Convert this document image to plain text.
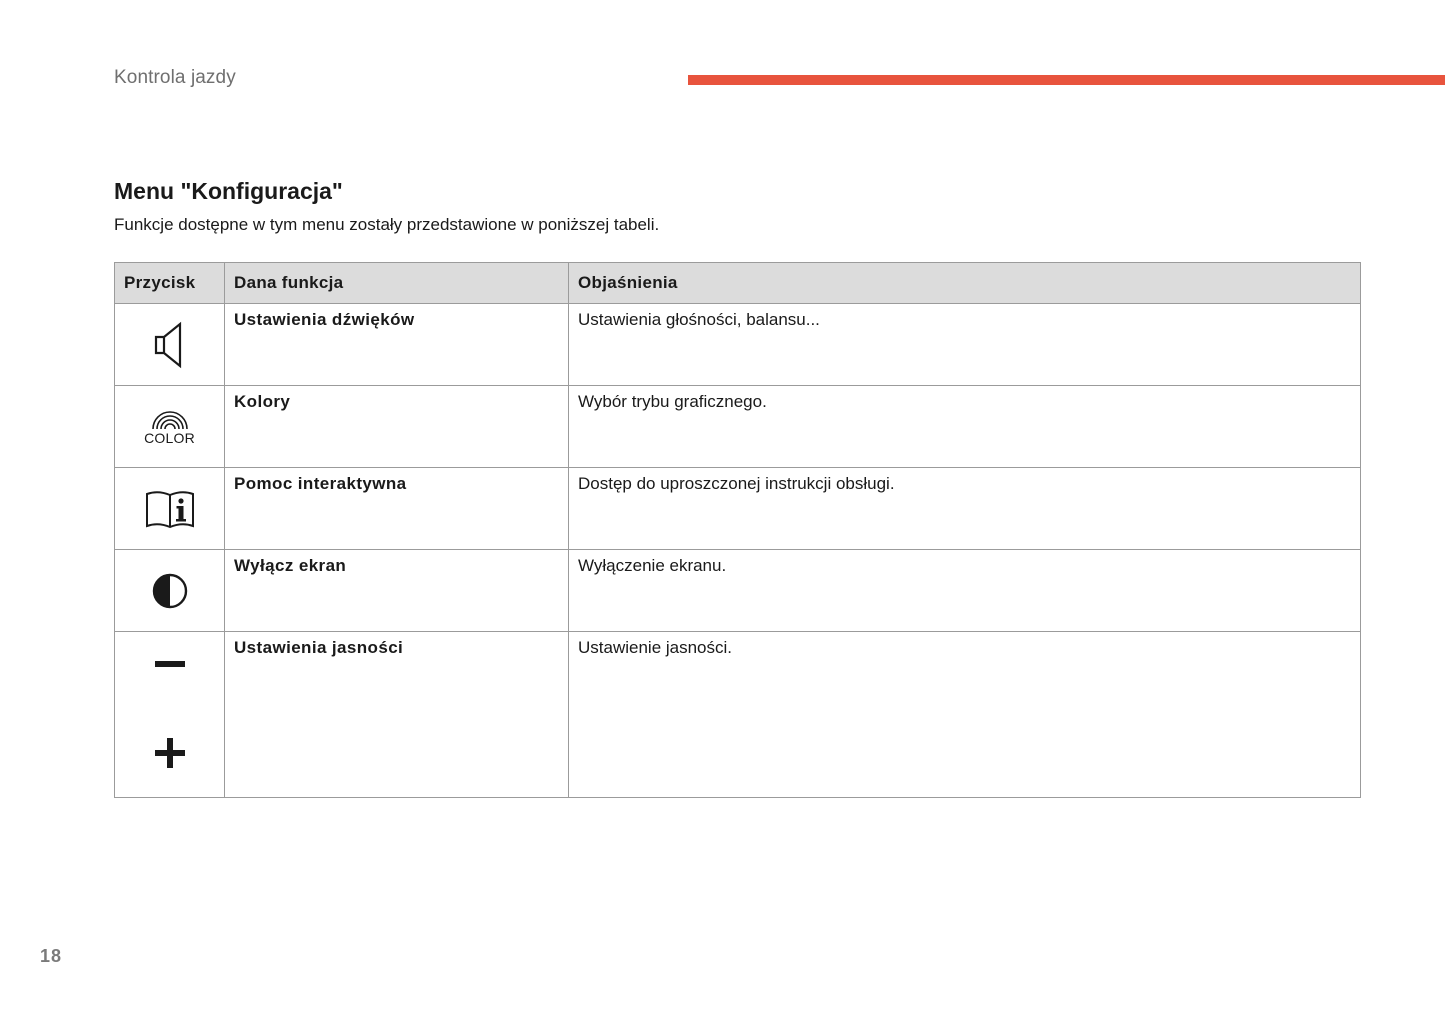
Kontrola jazdy
Menu "Konfiguracja"
Funkcje dostępne w tym menu zostały przedstawione w poniższej tabeli.
Przycisk	Dana funkcja	Objaśnienia

	Ustawienia dźwięków	Ustawienia głośności, balansu...

COLOR	Kolory	Wybór trybu graficznego.

	Pomoc interaktywna	Dostęp do uproszczonej instrukcji obsługi.

	Wyłącz ekran	Wyłączenie ekranu.

	Ustawienia jasności	Ustawienie jasności.
18
